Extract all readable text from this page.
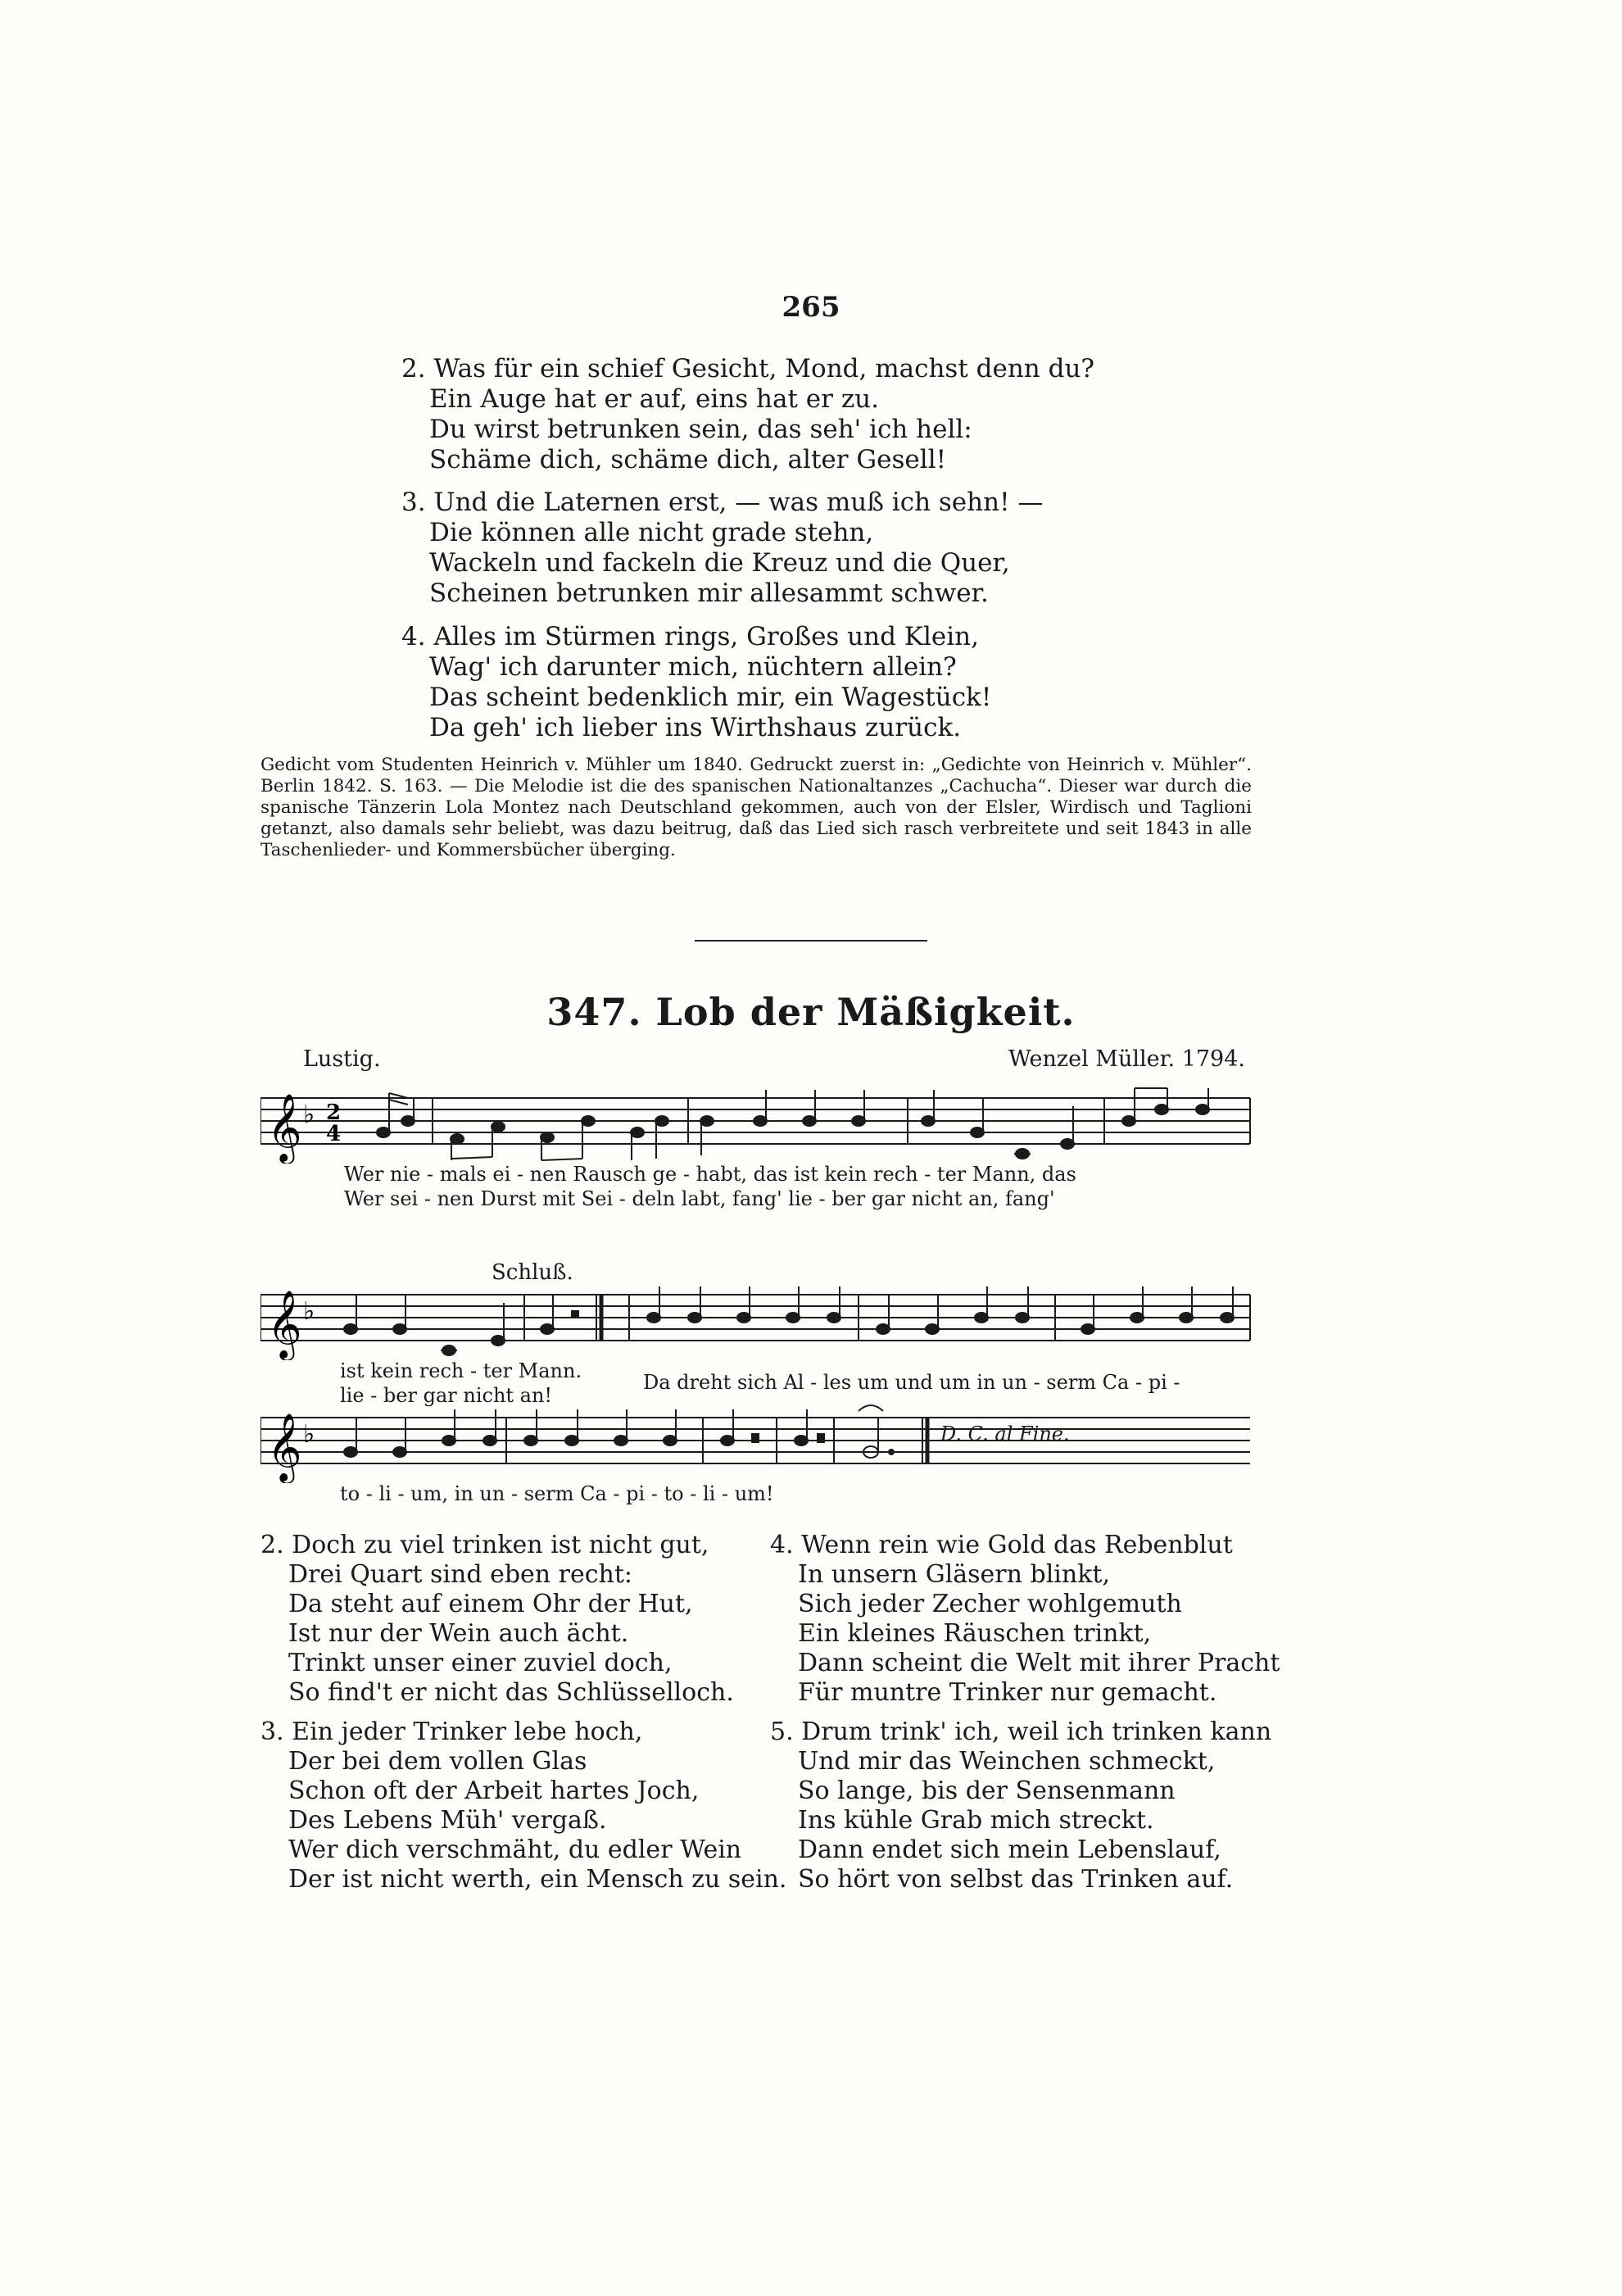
265
2. Was für ein schief Gesicht, Mond, machst denn du?
Ein Auge hat er auf, eins hat er zu.
Du wirst betrunken sein, das seh' ich hell:
Schäme dich, schäme dich, alter Gesell!
3. Und die Laternen erst, — was muß ich sehn! —
Die können alle nicht grade stehn,
Wackeln und fackeln die Kreuz und die Quer,
Scheinen betrunken mir allesammt schwer.
4. Alles im Stürmen rings, Großes und Klein,
Wag' ich darunter mich, nüchtern allein?
Das scheint bedenklich mir, ein Wagestück!
Da geh' ich lieber ins Wirthshaus zurück.
Gedicht vom Studenten Heinrich v. Mühler um 1840. Gedruckt zuerst in: „Gedichte von Heinrich v. Mühler“. Berlin 1842. S. 163. — Die Melodie ist die des spanischen Nationaltanzes „Cachucha“. Dieser war durch die spanische Tänzerin Lola Montez nach Deutschland gekommen, auch von der Elsler, Wirdisch und Taglioni getanzt, also damals sehr beliebt, was dazu beitrug, daß das Lied sich rasch verbreitete und seit 1843 in alle Taschenlieder- und Kommersbücher überging.
347. Lob der Mäßigkeit.
Lustig.	Wenzel Müller. 1794.
𝄞 ♭ 2
4
Wer nie - mals ei - nen Rausch ge - habt, das ist kein rech - ter Mann, das
Wer sei - nen Durst mit Sei - deln labt, fang' lie - ber gar nicht an, fang'
Schluß.
𝄞 ♭
ist kein rech - ter Mann.
lie - ber gar nicht an!
Da dreht sich Al - les um und um in un - serm Ca - pi -
𝄞 ♭	D. C. al Fine.
to - li - um, in un - serm Ca - pi - to - li - um!
2. Doch zu viel trinken ist nicht gut,
Drei Quart sind eben recht:
Da steht auf einem Ohr der Hut,
Ist nur der Wein auch ächt.
Trinkt unser einer zuviel doch,
So find't er nicht das Schlüsselloch.
3. Ein jeder Trinker lebe hoch,
Der bei dem vollen Glas
Schon oft der Arbeit hartes Joch,
Des Lebens Müh' vergaß.
Wer dich verschmäht, du edler Wein
Der ist nicht werth, ein Mensch zu sein.
4. Wenn rein wie Gold das Rebenblut
In unsern Gläsern blinkt,
Sich jeder Zecher wohlgemuth
Ein kleines Räuschen trinkt,
Dann scheint die Welt mit ihrer Pracht
Für muntre Trinker nur gemacht.
5. Drum trink' ich, weil ich trinken kann
Und mir das Weinchen schmeckt,
So lange, bis der Sensenmann
Ins kühle Grab mich streckt.
Dann endet sich mein Lebenslauf,
So hört von selbst das Trinken auf.
